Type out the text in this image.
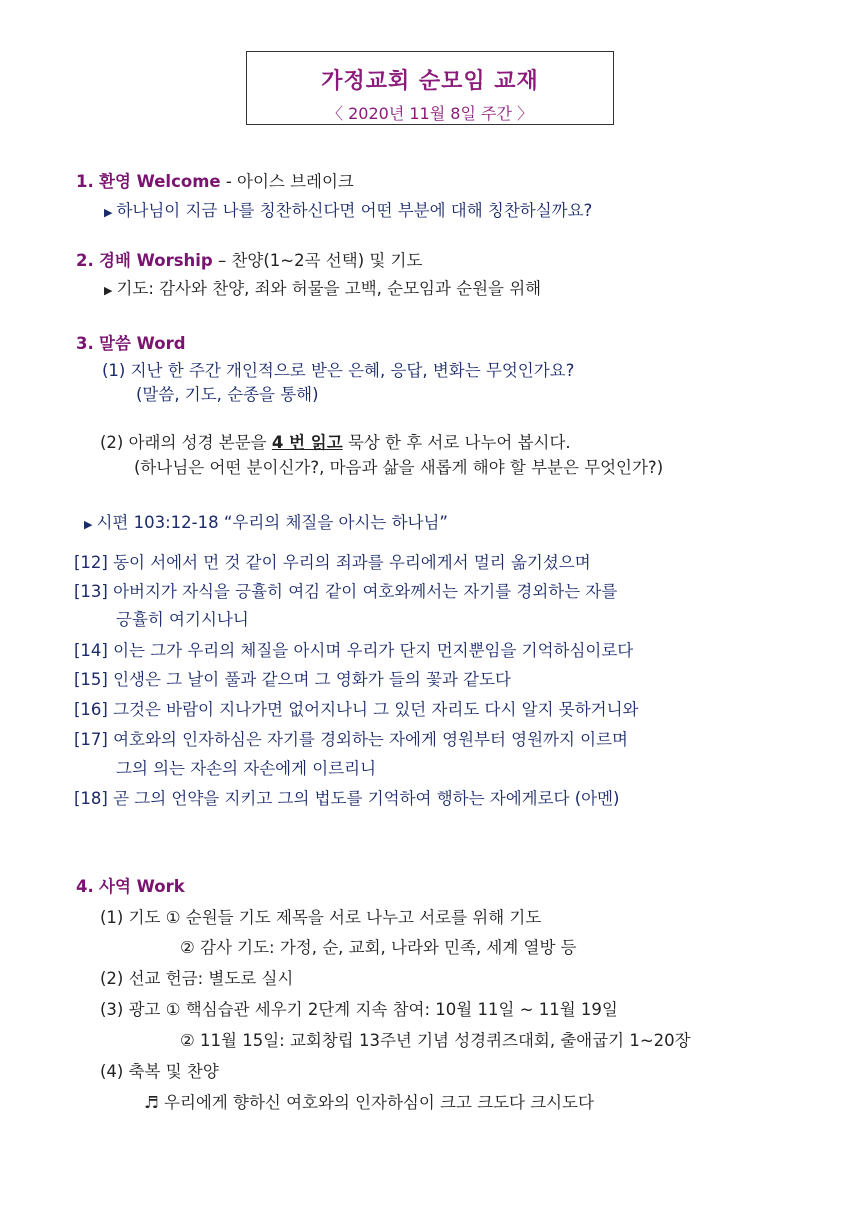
가정교회 순모임 교재
〈 2020년 11월 8일 주간 〉
1. 환영 Welcome - 아이스 브레이크
▶ 하나님이 지금 나를 칭찬하신다면 어떤 부분에 대해 칭찬하실까요?
2. 경배 Worship – 찬양(1~2곡 선택) 및 기도
▶ 기도: 감사와 찬양, 죄와 허물을 고백, 순모임과 순원을 위해
3. 말씀 Word
(1) 지난 한 주간 개인적으로 받은 은혜, 응답, 변화는 무엇인가요?
(말씀, 기도, 순종을 통해)
(2) 아래의 성경 본문을 4 번 읽고 묵상 한 후 서로 나누어 봅시다.
(하나님은 어떤 분이신가?, 마음과 삶을 새롭게 해야 할 부분은 무엇인가?)
▶ 시편 103:12-18 “우리의 체질을 아시는 하나님”
[12] 동이 서에서 먼 것 같이 우리의 죄과를 우리에게서 멀리 옮기셨으며
[13] 아버지가 자식을 긍휼히 여김 같이 여호와께서는 자기를 경외하는 자를
긍휼히 여기시나니
[14] 이는 그가 우리의 체질을 아시며 우리가 단지 먼지뿐임을 기억하심이로다
[15] 인생은 그 날이 풀과 같으며 그 영화가 들의 꽃과 같도다
[16] 그것은 바람이 지나가면 없어지나니 그 있던 자리도 다시 알지 못하거니와
[17] 여호와의 인자하심은 자기를 경외하는 자에게 영원부터 영원까지 이르며
그의 의는 자손의 자손에게 이르리니
[18] 곧 그의 언약을 지키고 그의 법도를 기억하여 행하는 자에게로다 (아멘)
4. 사역 Work
(1) 기도 ① 순원들 기도 제목을 서로 나누고 서로를 위해 기도
② 감사 기도: 가정, 순, 교회, 나라와 민족, 세계 열방 등
(2) 선교 헌금: 별도로 실시
(3) 광고 ① 핵심습관 세우기 2단계 지속 참여: 10월 11일 ~ 11월 19일
② 11월 15일: 교회창립 13주년 기념 성경퀴즈대회, 출애굽기 1~20장
(4) 축복 및 찬양
♬ 우리에게 향하신 여호와의 인자하심이 크고 크도다 크시도다
